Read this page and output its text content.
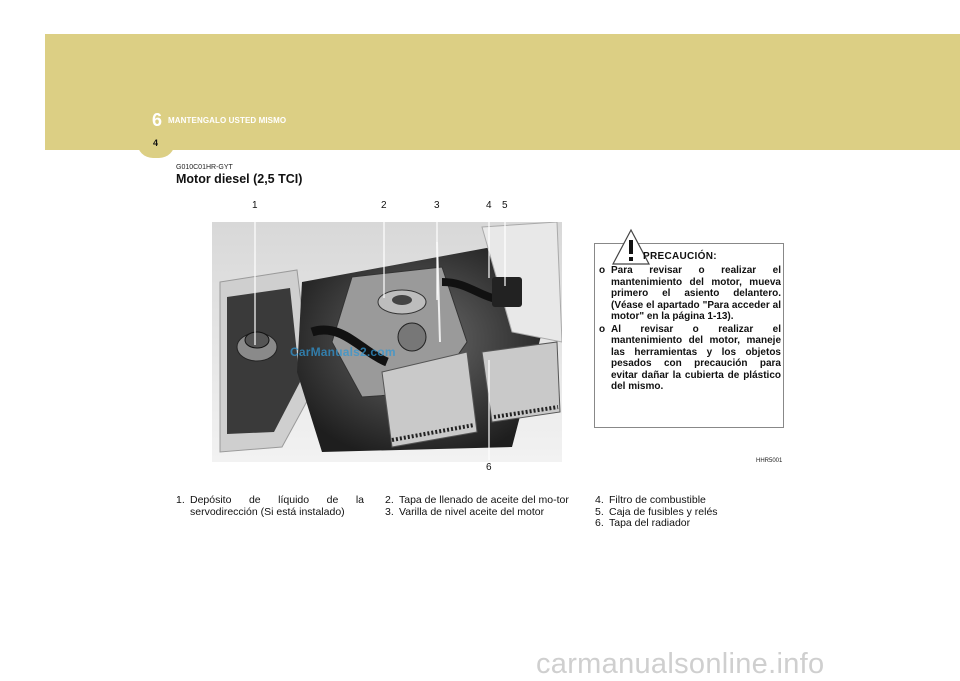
6 MANTENGALO USTED MISMO
4
G010C01HR-GYT
Motor diesel (2,5 TCI)
1	2	3	4 5
6
CarManuals2.com
HHR5001
PRECAUCIÓN:
o Para revisar o realizar el mantenimiento del motor, mueva primero el asiento delantero. (Véase el apartado "Para acceder al motor" en la página 1-13).
o Al revisar o realizar el mantenimiento del motor, maneje las herramientas y los objetos pesados con precaución para evitar dañar la cubierta de plástico del mismo.
1. Depósito de líquido de la servodirección (Si está instalado)
2. Tapa de llenado de aceite del mo-tor
3. Varilla de nivel aceite del motor
4. Filtro de combustible
5. Caja de fusibles y relés
6. Tapa del radiador
carmanualsonline.info
